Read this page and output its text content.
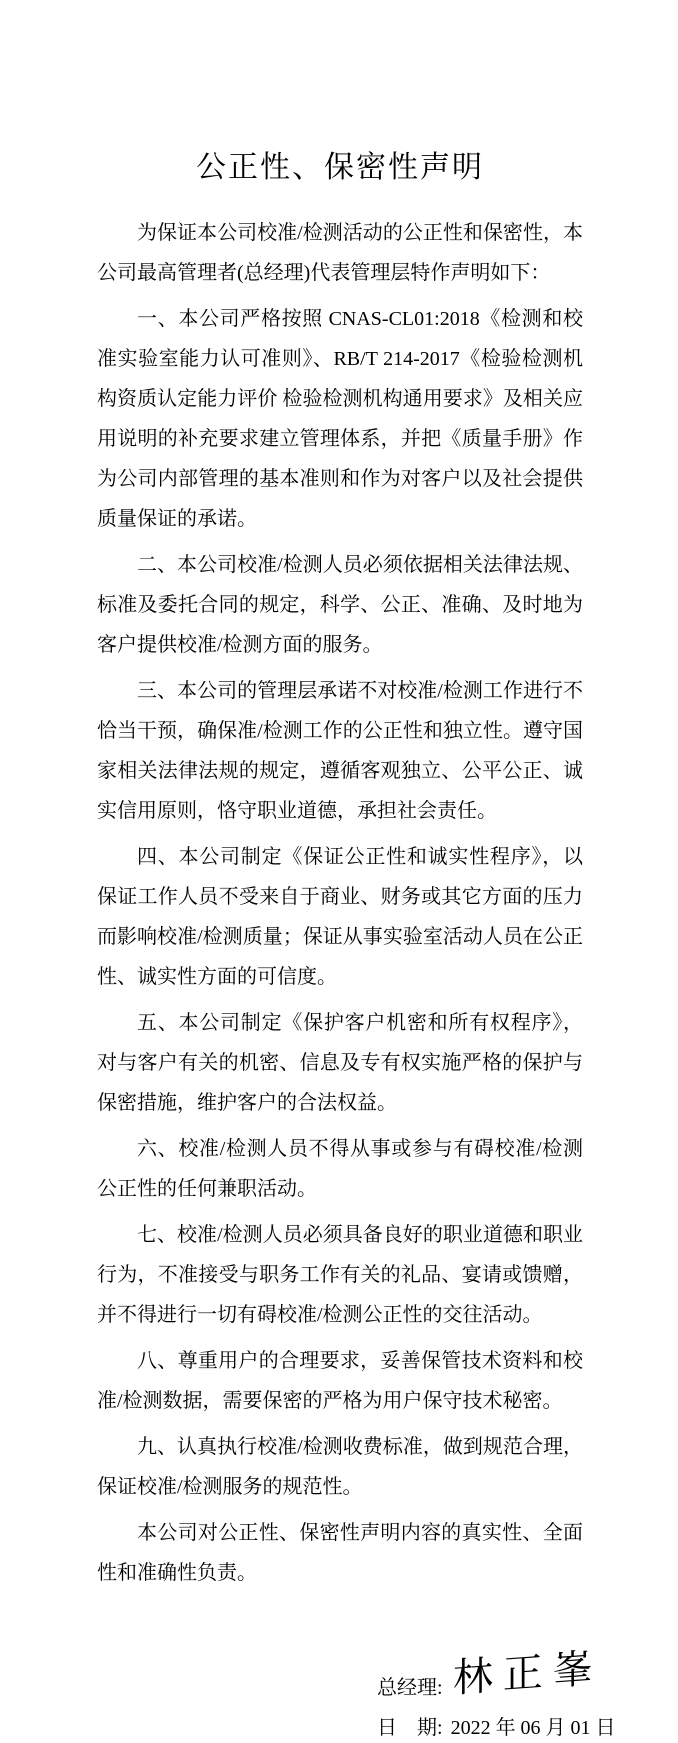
公正性、保密性声明

为保证本公司校准/检测活动的公正性和保密性，本公司最高管理者(总经理)代表管理层特作声明如下：

一、本公司严格按照 CNAS-CL01:2018《检测和校准实验室能力认可准则》、RB/T 214-2017《检验检测机构资质认定能力评价 检验检测机构通用要求》及相关应用说明的补充要求建立管理体系，并把《质量手册》作为公司内部管理的基本准则和作为对客户以及社会提供质量保证的承诺。

二、本公司校准/检测人员必须依据相关法律法规、标准及委托合同的规定，科学、公正、准确、及时地为客户提供校准/检测方面的服务。

三、本公司的管理层承诺不对校准/检测工作进行不恰当干预，确保准/检测工作的公正性和独立性。遵守国家相关法律法规的规定，遵循客观独立、公平公正、诚实信用原则，恪守职业道德，承担社会责任。

四、本公司制定《保证公正性和诚实性程序》，以保证工作人员不受来自于商业、财务或其它方面的压力而影响校准/检测质量；保证从事实验室活动人员在公正性、诚实性方面的可信度。

五、本公司制定《保护客户机密和所有权程序》，对与客户有关的机密、信息及专有权实施严格的保护与保密措施，维护客户的合法权益。

六、校准/检测人员不得从事或参与有碍校准/检测公正性的任何兼职活动。

七、校准/检测人员必须具备良好的职业道德和职业行为，不准接受与职务工作有关的礼品、宴请或馈赠，并不得进行一切有碍校准/检测公正性的交往活动。

八、尊重用户的合理要求，妥善保管技术资料和校准/检测数据，需要保密的严格为用户保守技术秘密。

九、认真执行校准/检测收费标准，做到规范合理，保证校准/检测服务的规范性。

本公司对公正性、保密性声明内容的真实性、全面性和准确性负责。

总经理: 林正峯
日　期: 2022 年 06 月 01 日
